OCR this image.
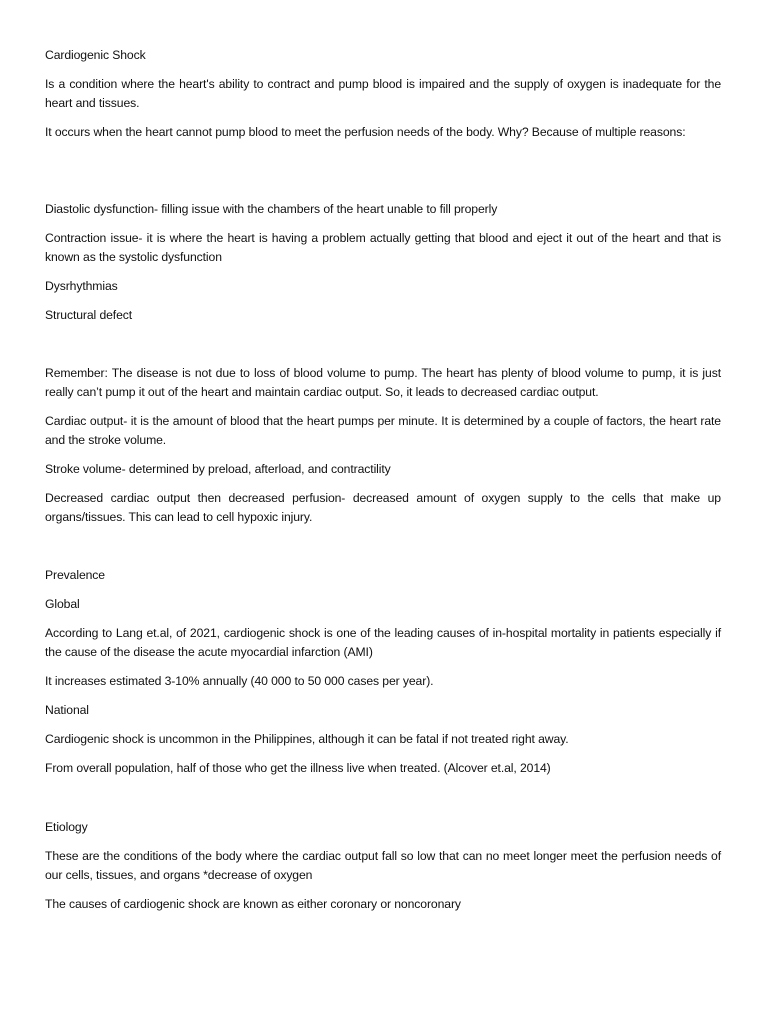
Cardiogenic Shock

Is a condition where the heart's ability to contract and pump blood is impaired and the supply of oxygen is inadequate for the heart and tissues.

It occurs when the heart cannot pump blood to meet the perfusion needs of the body. Why? Because of multiple reasons:

Diastolic dysfunction- filling issue with the chambers of the heart unable to fill properly

Contraction issue- it is where the heart is having a problem actually getting that blood and eject it out of the heart and that is known as the systolic dysfunction

Dysrhythmias

Structural defect

Remember: The disease is not due to loss of blood volume to pump. The heart has plenty of blood volume to pump, it is just really can’t pump it out of the heart and maintain cardiac output. So, it leads to decreased cardiac output.

Cardiac output- it is the amount of blood that the heart pumps per minute. It is determined by a couple of factors, the heart rate and the stroke volume.

Stroke volume- determined by preload, afterload, and contractility

Decreased cardiac output then decreased perfusion- decreased amount of oxygen supply to the cells that make up organs/tissues. This can lead to cell hypoxic injury.

Prevalence

Global

According to Lang et.al, of 2021, cardiogenic shock is one of the leading causes of in-hospital mortality in patients especially if the cause of the disease the acute myocardial infarction (AMI)

It increases estimated 3-10% annually (40 000 to 50 000 cases per year).

National

Cardiogenic shock is uncommon in the Philippines, although it can be fatal if not treated right away.

From overall population, half of those who get the illness live when treated. (Alcover et.al, 2014)

Etiology

These are the conditions of the body where the cardiac output fall so low that can no meet longer meet the perfusion needs of our cells, tissues, and organs *decrease of oxygen

The causes of cardiogenic shock are known as either coronary or noncoronary
